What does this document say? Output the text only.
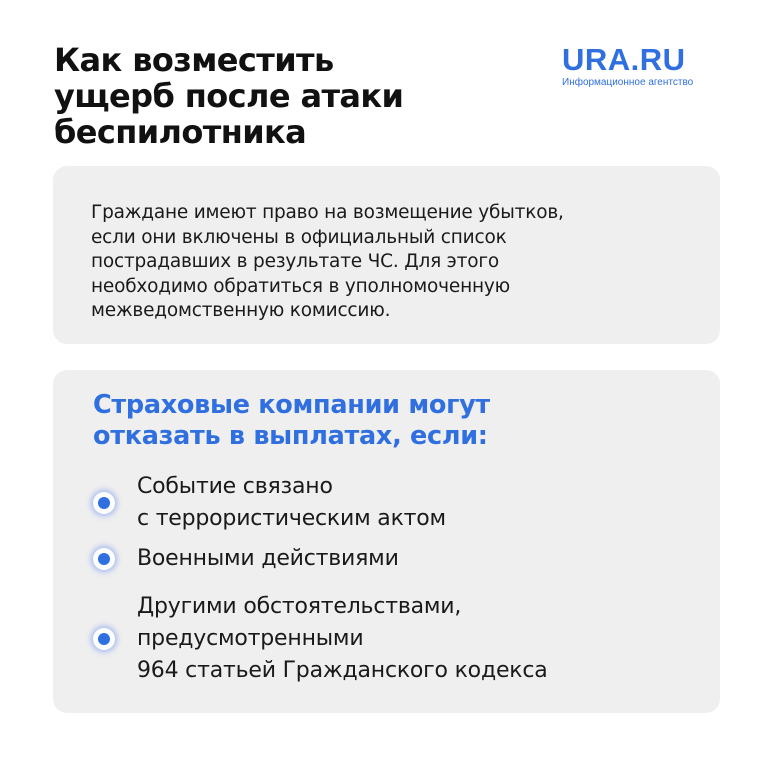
Как возместить
ущерб после атаки
беспилотника
URA.RU
Информационное агентство
Граждане имеют право на возмещение убытков,
если они включены в официальный список
пострадавших в результате ЧС. Для этого
необходимо обратиться в уполномоченную
межведомственную комиссию.
Страховые компании могут
отказать в выплатах, если:
Событие связано
с террористическим актом
Военными действиями
Другими обстоятельствами,
предусмотренными
964 статьей Гражданского кодекса
